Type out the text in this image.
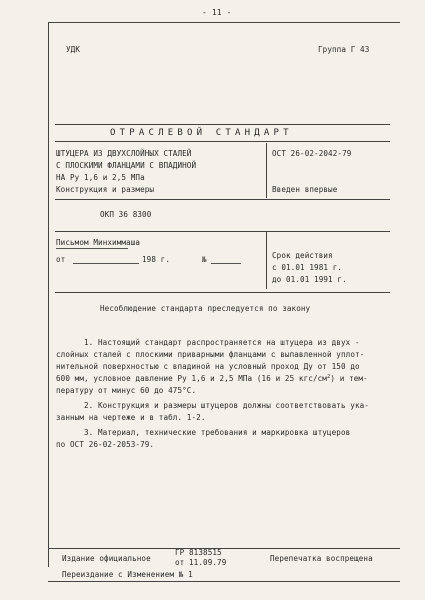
- 11 -
УДК	Группа Г 43
ОТРАСЛЕВОЙ СТАНДАРТ
ШТУЦЕРА ИЗ ДВУХСЛОЙНЫХ СТАЛЕЙ
С ПЛОСКИМИ ФЛАНЦАМИ С ВПАДИНОЙ
НА Ру 1,6 и 2,5 МПа
Конструкция и размеры
ОСТ 26-02-2042-79
Введен впервые
ОКП 36 8300
Письмом Минхиммаша
от	198 г.	№	Срок действия
с 01.01 1981 г.
до 01.01 1991 г.
Несоблюдение стандарта преследуется по закону
1. Настоящий стандарт распространяется на штуцера из двух -
слойных сталей с плоскими приварными фланцами с выпавленной уплот-
нительной поверхностью с впадиной на условный проход Ду от 150 до
600 мм, условное давление Ру 1,6 и 2,5 МПа (16 и 25 кгс/$см^2$) и тем-
пературу от минус 60 до 475°С.
2. Конструкция и размеры штуцеров должны соответствовать ука-
занным на чертеже и в табл. 1-2.
3. Материал, технические требования и маркировка штуцеров
по ОСТ 26-02-2053-79.
Издание официальное
ГР 8138515
от 11.09.79	Перепечатка воспрещена
Переиздание с Изменением № 1
